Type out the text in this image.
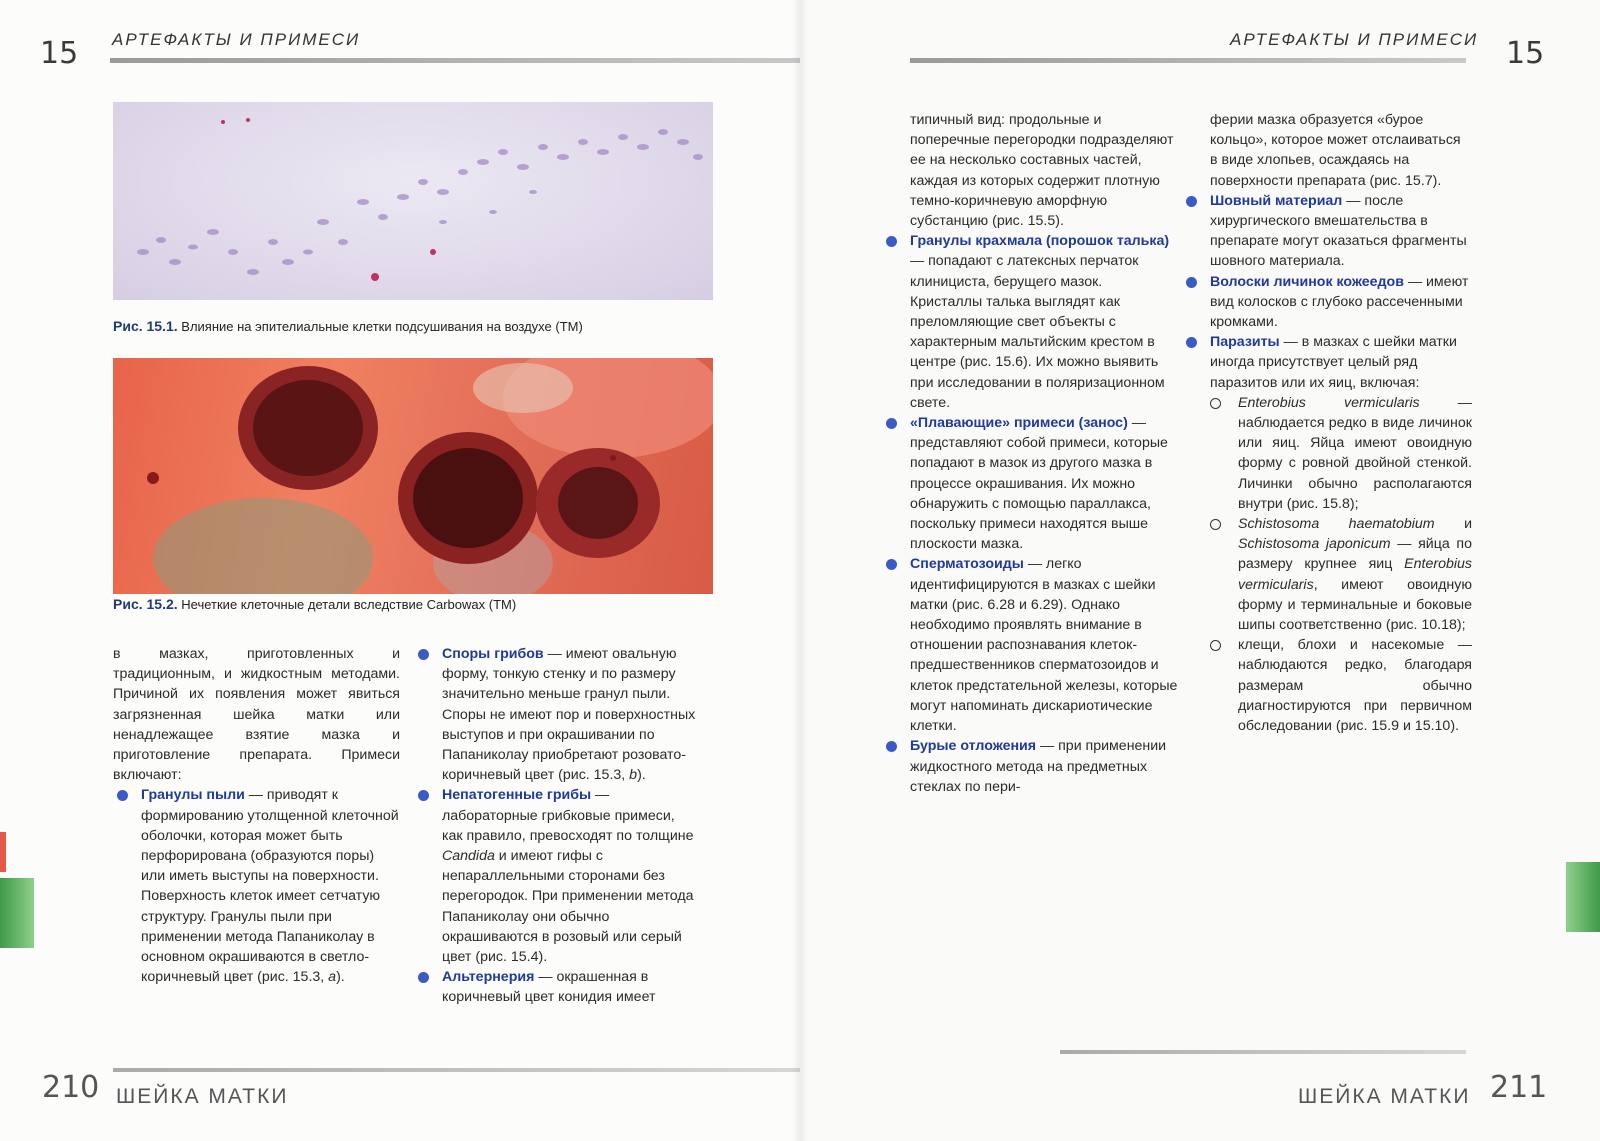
15 АРТЕФАКТЫ И ПРИМЕСИ
Рис. 15.1. Влияние на эпителиальные клетки подсушивания на воздухе (ТМ)
Рис. 15.2. Нечеткие клеточные детали вследствие Carbowax (ТМ)

в мазках, приготовленных и традиционным, и жидкостным методами. Причиной их появления может явиться загрязненная шейка матки или ненадлежащее взятие мазка и приготовление препарата. Примеси включают:

Гранулы пыли — приводят к формированию утолщенной клеточной оболочки, которая может быть перфорирована (образуются поры) или иметь выступы на поверхности. Поверхность клеток имеет сетчатую структуру. Гранулы пыли при применении метода Папаниколау в основном окрашиваются в светло-коричневый цвет (рис. 15.3, a).

Споры грибов — имеют овальную форму, тонкую стенку и по размеру значительно меньше гранул пыли. Споры не имеют пор и поверхностных выступов и при окрашивании по Папаниколау приобретают розовато-коричневый цвет (рис. 15.3, b).

Непатогенные грибы — лабораторные грибковые примеси, как правило, превосходят по толщине Candida и имеют гифы с непараллельными сторонами без перегородок. При применении метода Папаниколау они обычно окрашиваются в розовый или серый цвет (рис. 15.4).

Альтернерия — окрашенная в коричневый цвет конидия имеет

210 ШЕЙКА МАТКИ
АРТЕФАКТЫ И ПРИМЕСИ 15

типичный вид: продольные и поперечные перегородки подразделяют ее на несколько составных частей, каждая из которых содержит плотную темно-коричневую аморфную субстанцию (рис. 15.5).

Гранулы крахмала (порошок талька) — попадают с латексных перчаток клинициста, берущего мазок. Кристаллы талька выглядят как преломляющие свет объекты с характерным мальтийским крестом в центре (рис. 15.6). Их можно выявить при исследовании в поляризационном свете.

«Плавающие» примеси (занос) — представляют собой примеси, которые попадают в мазок из другого мазка в процессе окрашивания. Их можно обнаружить с помощью параллакса, поскольку примеси находятся выше плоскости мазка.

Сперматозоиды — легко идентифицируются в мазках с шейки матки (рис. 6.28 и 6.29). Однако необходимо проявлять внимание в отношении распознавания клеток-предшественников сперматозоидов и клеток предстательной железы, которые могут напоминать дискариотические клетки.

Бурые отложения — при применении жидкостного метода на предметных стеклах по пери-

ферии мазка образуется «бурое кольцо», которое может отслаиваться в виде хлопьев, осаждаясь на поверхности препарата (рис. 15.7).

Шовный материал — после хирургического вмешательства в препарате могут оказаться фрагменты шовного материала.

Волоски личинок кожеедов — имеют вид колосков с глубоко рассеченными кромками.

Паразиты — в мазках с шейки матки иногда присутствует целый ряд паразитов или их яиц, включая:

Enterobius vermicularis — наблюдается редко в виде личинок или яиц. Яйца имеют овоидную форму с ровной двойной стенкой. Личинки обычно располагаются внутри (рис. 15.8);

Schistosoma haematobium и Schistosoma japonicum — яйца по размеру крупнее яиц Enterobius vermicularis, имеют овоидную форму и терминальные и боковые шипы соответственно (рис. 10.18);

клещи, блохи и насекомые — наблюдаются редко, благодаря размерам обычно диагностируются при первичном обследовании (рис. 15.9 и 15.10).

ШЕЙКА МАТКИ 211
